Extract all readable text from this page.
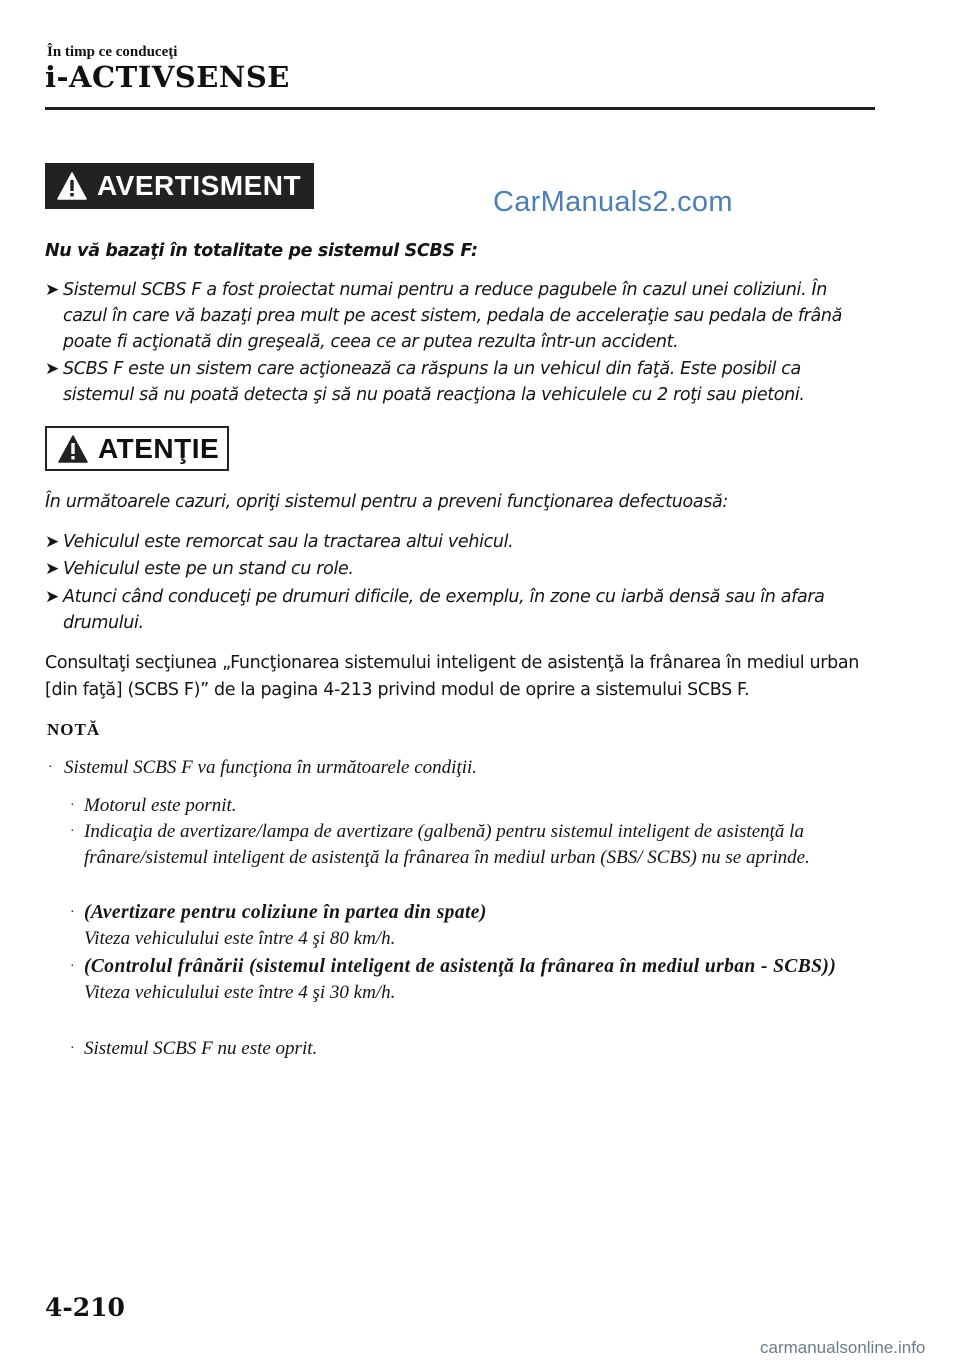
În timp ce conduceţi
i-ACTIVSENSE
AVERTISMENT
CarManuals2.com
Nu vă bazaţi în totalitate pe sistemul SCBS F:
➤ Sistemul SCBS F a fost proiectat numai pentru a reduce pagubele în cazul unei coliziuni. În cazul în care vă bazaţi prea mult pe acest sistem, pedala de acceleraţie sau pedala de frână poate fi acţionată din greşeală, ceea ce ar putea rezulta într-un accident.
➤ SCBS F este un sistem care acţionează ca răspuns la un vehicul din faţă. Este posibil ca sistemul să nu poată detecta şi să nu poată reacţiona la vehiculele cu 2 roţi sau pietoni.
ATENŢIE
În următoarele cazuri, opriţi sistemul pentru a preveni funcţionarea defectuoasă:
➤ Vehiculul este remorcat sau la tractarea altui vehicul.
➤ Vehiculul este pe un stand cu role.
➤ Atunci când conduceţi pe drumuri dificile, de exemplu, în zone cu iarbă densă sau în afara drumului.
Consultaţi secţiunea „Funcţionarea sistemului inteligent de asistenţă la frânarea în mediul urban [din faţă] (SCBS F)” de la pagina 4-213 privind modul de oprire a sistemului SCBS F.
NOTĂ
· Sistemul SCBS F va funcţiona în următoarele condiţii.
· Motorul este pornit.
· Indicaţia de avertizare/lampa de avertizare (galbenă) pentru sistemul inteligent de asistenţă la frânare/sistemul inteligent de asistenţă la frânarea în mediul urban (SBS/ SCBS) nu se aprinde.
· (Avertizare pentru coliziune în partea din spate)
Viteza vehiculului este între 4 şi 80 km/h.
· (Controlul frânării (sistemul inteligent de asistenţă la frânarea în mediul urban - SCBS))
Viteza vehiculului este între 4 şi 30 km/h.
· Sistemul SCBS F nu este oprit.
4-210
carmanualsonline.info
